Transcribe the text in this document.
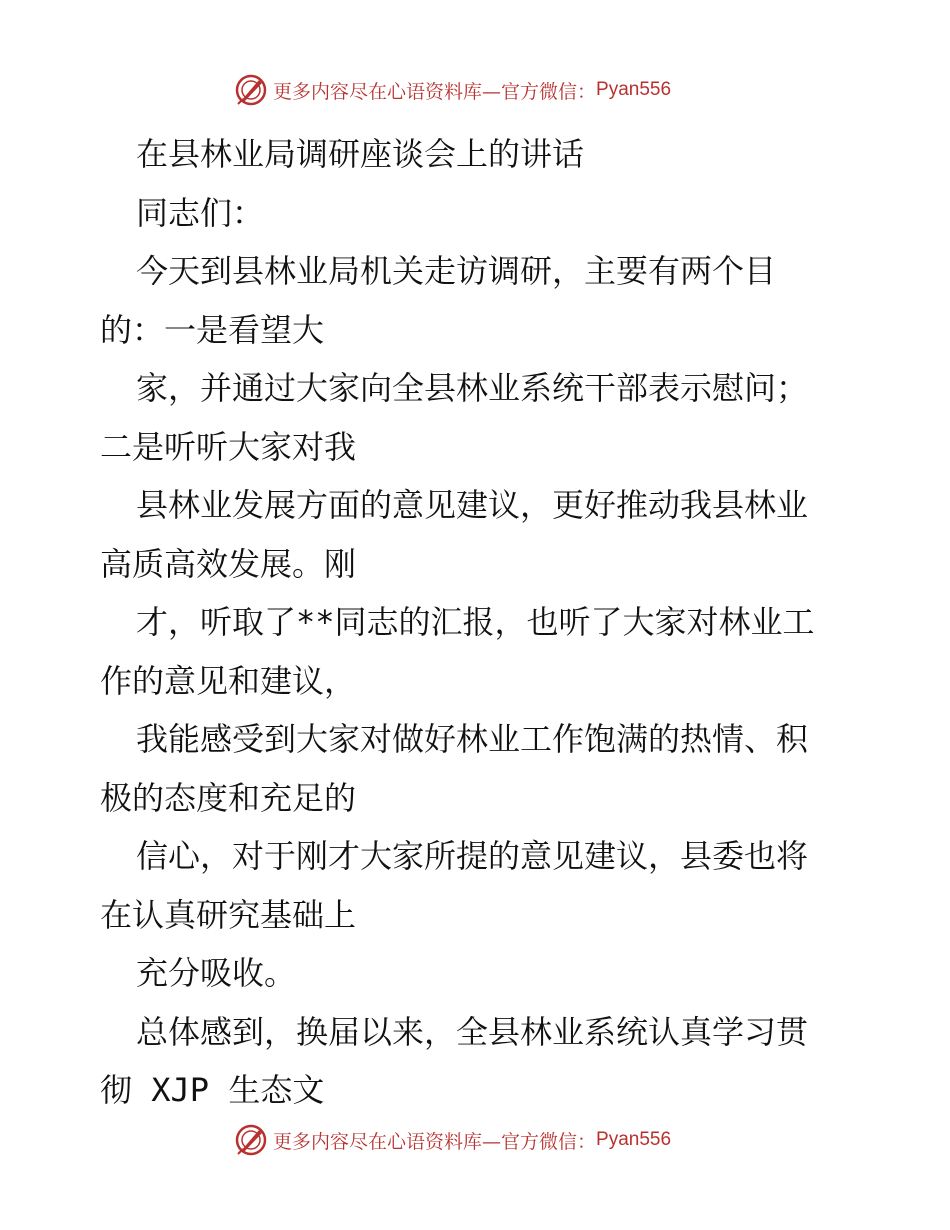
更多内容尽在心语资料库—官方微信： Pyan556
在县林业局调研座谈会上的讲话
同志们：
今天到县林业局机关走访调研，主要有两个目
的：一是看望大
家，并通过大家向全县林业系统干部表示慰问；
二是听听大家对我
县林业发展方面的意见建议，更好推动我县林业
高质高效发展。刚
才，听取了**同志的汇报，也听了大家对林业工
作的意见和建议，
我能感受到大家对做好林业工作饱满的热情、积
极的态度和充足的
信心，对于刚才大家所提的意见建议，县委也将
在认真研究基础上
充分吸收。
总体感到，换届以来，全县林业系统认真学习贯
彻 XJP 生态文
更多内容尽在心语资料库—官方微信： Pyan556
